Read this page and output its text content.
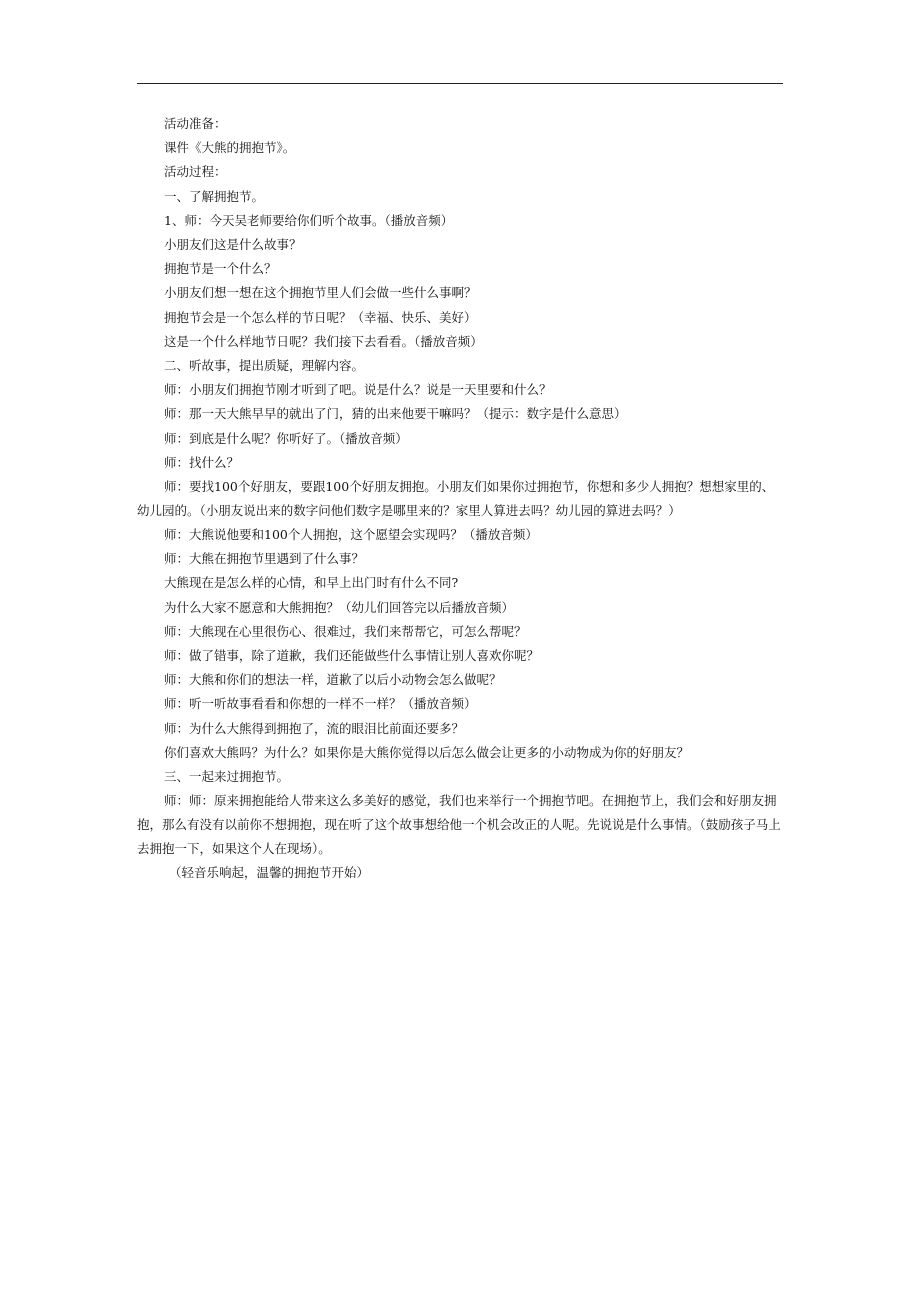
活动准备：

课件《大熊的拥抱节》。

活动过程：

一、了解拥抱节。

1、师：今天吴老师要给你们听个故事。（播放音频）

小朋友们这是什么故事？

拥抱节是一个什么？

小朋友们想一想在这个拥抱节里人们会做一些什么事啊？

拥抱节会是一个怎么样的节日呢？（幸福、快乐、美好）

这是一个什么样地节日呢？我们接下去看看。（播放音频）

二、听故事，提出质疑，理解内容。

师：小朋友们拥抱节刚才听到了吧。说是什么？说是一天里要和什么？

师：那一天大熊早早的就出了门，猜的出来他要干嘛吗？（提示：数字是什么意思）

师：到底是什么呢？你听好了。（播放音频）

师：找什么？

师：要找100个好朋友，要跟100个好朋友拥抱。小朋友们如果你过拥抱节，你想和多少人拥抱？想想家里的、幼儿园的。（小朋友说出来的数字问他们数字是哪里来的？家里人算进去吗？幼儿园的算进去吗？）

师：大熊说他要和100个人拥抱，这个愿望会实现吗？（播放音频）

师：大熊在拥抱节里遇到了什么事？

大熊现在是怎么样的心情，和早上出门时有什么不同?

为什么大家不愿意和大熊拥抱？（幼儿们回答完以后播放音频）

师：大熊现在心里很伤心、很难过，我们来帮帮它，可怎么帮呢？

师：做了错事，除了道歉，我们还能做些什么事情让别人喜欢你呢？

师：大熊和你们的想法一样，道歉了以后小动物会怎么做呢？

师：听一听故事看看和你想的一样不一样？（播放音频）

师：为什么大熊得到拥抱了，流的眼泪比前面还要多？

你们喜欢大熊吗？为什么？如果你是大熊你觉得以后怎么做会让更多的小动物成为你的好朋友？

三、一起来过拥抱节。

师：师：原来拥抱能给人带来这么多美好的感觉，我们也来举行一个拥抱节吧。在拥抱节上，我们会和好朋友拥抱，那么有没有以前你不想拥抱，现在听了这个故事想给他一个机会改正的人呢。先说说是什么事情。（鼓励孩子马上去拥抱一下，如果这个人在现场）。

（轻音乐响起，温馨的拥抱节开始）
